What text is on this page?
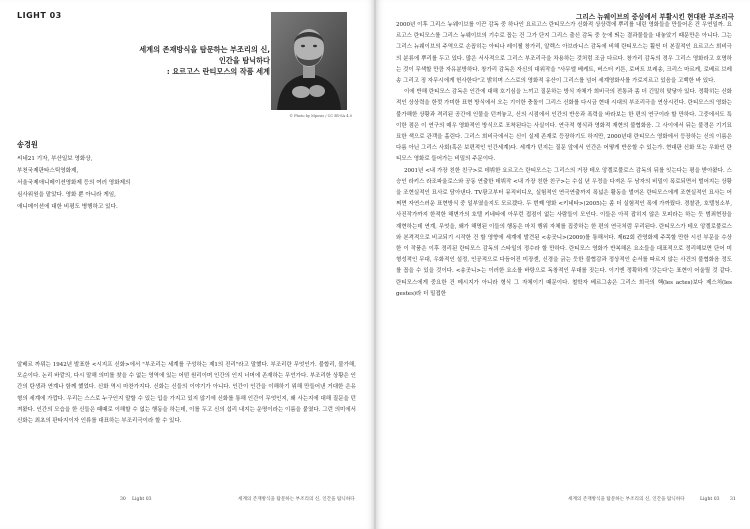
LIGHT 03
세계의 존재방식을 탐문하는 부조리의 신,
인간을 탐닉하다
: 요르고스 란티모스의 작품 세계
© Photo by Mposis / CC BY-SA 4.0
송경원
씨네21 기자, 부산일보 영화상,
부천국제판타스틱영화제,
서울국제애니메이션영화제 등의 여러 영화제의
심사위원을 맡았다. 영화 뿐 아니라 게임,
애니메이션에 대한 비평도 병행하고 있다.

알베르 까뮈는 1942년 발표한 <시지프 신화>에서 "부조리는 세계를 구성하는 제1의 진리"라고 말했다. 부조리란 무엇인가. 불합리, 불가해, 모순이다. 논리 바깥의, 다시 말해 의미를 찾을 수 없는 영역에 있는 어떤 원리이며 인간의 인지 너머에 존재하는 무언가다. 부조리한 상황은 인간의 탄생과 연계나 함께 했었다. 신화 역시 마찬가지다. 신화는 신들의 이야기가 아니다. 인간이 인간을 이해하기 위해 만들어낸 거대한 은유형의 세계에 가깝다. 우리는 스스로 누구인지 말할 수 있는 입을 가지고 있지 않기에 신화를 통해 인간이 무엇인지, 왜 사는지에 대해 질문을 던져왔다. 인간의 모습을 한 신들은 때때로 이해할 수 없는 행동을 하는데, 이를 두고 신의 섭리 내지는 운명이라는 이름을 붙였다. 그런 의미에서 신화는 최초의 판타지이자 인류를 대표하는 부조리극이라 할 수 있다.

30 Light 03	세계의 존재방식을 탐문하는 부조리의 신, 인간을 탐닉하다
그리스 뉴웨이브의 중심에서 부활시킨 현대판 부조리극

2000년 이후 그리스 뉴웨이브를 이끈 감독 중 하나인 요르고스 란티모스가 신화적 상상력에 뿌리를 내린 영화들을 만들어온 건 우연일까. 요르고스 란티모스를 그리스 뉴웨이브의 기수로 꼽는 건 그가 단지 그리스 출신 감독 중 눈에 띄는 결과물들을 내놓았기 때문만은 아니다. 그는 그리스 뉴웨이브의 주역으로 손꼽히는 아티나 레이첼 창가리, 알렉스 아브라니스 감독에 비해 란티모스는 훨씬 더 본질적인 요르고스 희비극의 분류에 뿌리를 두고 있다. 많은 서사적으로 그리스 부조리극을 차용하는 것처럼 조금 다르다. 창가리 감독의 경우 그리스 영화라고 호명하는 것이 무색할 만큼 자유분방하다. 창가리 감독은 자신의 대위작을 "사무엘 베케트, 버스터 키튼, 로버트 브레송, 크리스 마르케, 로베르 브레송 그리고 징 자무시에게 헌사한다"고 밝히며 스스로의 영화적 유산이 그리스를 넘어 세계영화사를 가로지르고 있음을 고백한 바 있다.

이에 반해 란티모스 감독은 인간에 대해 호기심을 느끼고 질문하는 방식 자체가 희비극의 전통과 좀 더 긴밀히 맞닿아 있다. 정확히는 신화적인 상상력을 한껏 가미한 표현 방식에서 오는 기이한 충돌이 그리스 신화를 다시금 현대 시대의 부조리극을 연상시킨다. 란티모스의 영화는 불가해한 상황과 격리된 공간에 인물을 던져놓고, 신의 시점에서 인간의 반응과 폭력을 바라보는 한 편의 연구이라 할 만하다. 그중에서도 특이한 점은 이 연구의 매우 영화적인 방식으로 포착된다는 사실이다. 연극적 형식과 영화적 재현의 불협화음. 그 사이에서 뒤는 불경은 기기묘묘한 색으로 관객을 홀린다. 그리스 희비극에서는 신이 실제 존재로 등장하기도 하지만, 2000년대 란티모스 영화에서 등장하는 신의 이름은 다름 아닌 그리스 사회(혹은 보편적인 인간세계)다. 세계가 던지는 질문 앞에서 인간은 어떻게 반응할 수 있는가. 현대판 신화 또는 우화인 란티모스 영화로 들어가는 비밀의 주문이다.

2001년 <내 가장 친한 친구>로 데뷔한 요르고스 란티모스는 그리스의 거장 테오 앙겔로풀로스 감독의 뒤를 잇는다는 평을 받아왔다. 스승인 라키스 라조파울로스와 공동 연출한 데뷔작 <내 가장 친한 친구>는 수십 년 우정을 다져온 두 남자의 비밀이 폭로되면서 벌어지는 상황을 조현실적인 묘사로 담아낸다. TV광고부터 뮤직비디오, 실험적인 연극연출까지 폭넓은 활동을 벌여온 란티모스에게 조현실적인 묘사는 어쩌면 자연스러운 표현방식 중 일부였을지도 모르겠다. 두 번째 영화 <키네타>(2005)는 좀 더 실험적인 폭에 가까웠다. 경찰관, 호텔청소부, 사진작가까지 한적한 해변가의 호텔 키네타에 아무런 접점이 없는 사람들이 모인다. 이들은 아직 잡히지 않은 모피라는 하는 듯 범죄현장을 재현하는데 연계, 무엇을, 왜가 해명된 이들의 행동은 마치 행위 자체를 집중하는 한 편의 연극처럼 무리된다. 란티모스가 테오 앙겔로풀로스와 본격적으로 비교되기 시작한 건 할 영향에 세계에 발견된 <송곳니>(2009)를 통해서다. 제62회 칸영화제 주목할 만한 시선 부문을 수상한 이 작품은 이후 정리된 란티모스 감독의 스타일의 정수라 할 만하다. 란티모스 영화가 반복해온 요소들을 대표적으로 정리해보면 단어 미형성적인 무대, 우화적인 설정, 인공적으로 다듬어진 미장센, 신경을 긁는 듯한 불협감과 정상적인 순서를 따르지 않는 사건의 불협화음 정도를 꼽을 수 있을 것이다. <송곳니>는 이러한 요소를 바탕으로 독창적인 무대를 짓는다. 이기엔 정확하게 '갓는다'는 표현이 어울릴 것 같다. 란티모스에게 중요한 건 메시지가 아니라 형식 그 자체이기 때문이다. 철학자 베르그송은 그리스 희극의 핵(les actes)보다 제스처(les gestes)라 더 밀접한

세계의 존재방식을 탐문하는 부조리의 신, 인간을 탐닉하다	Light 03 31
